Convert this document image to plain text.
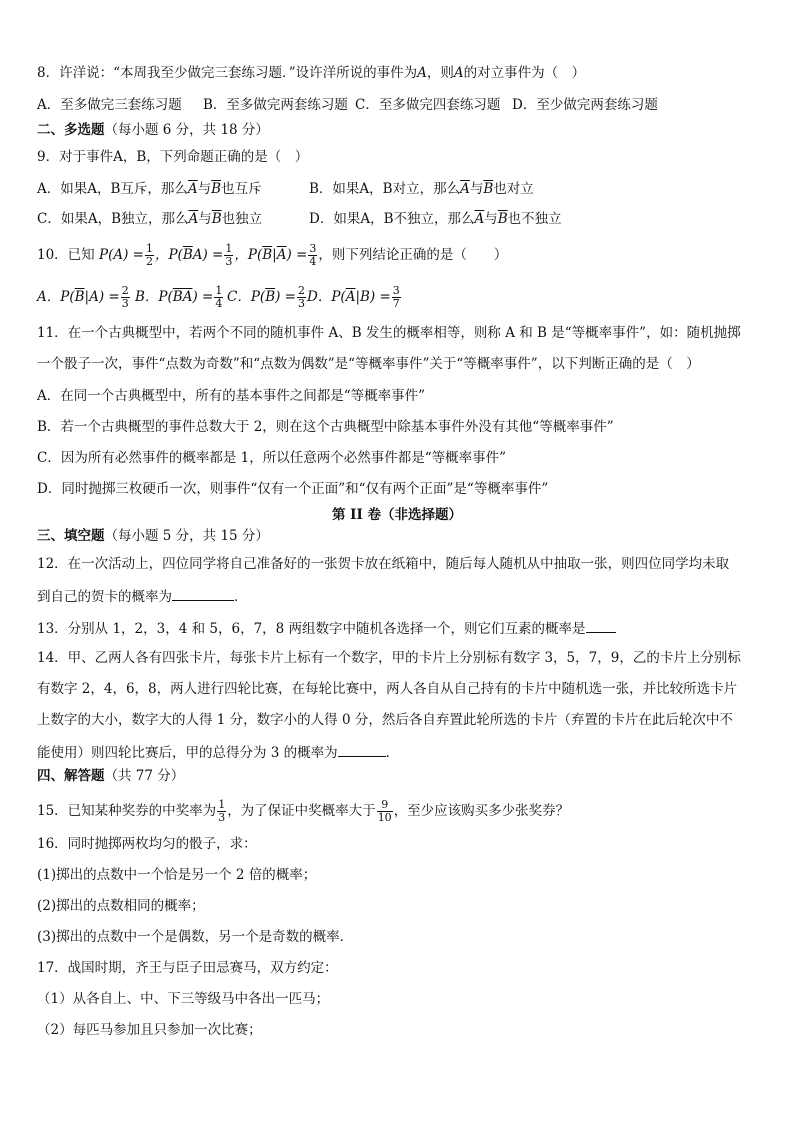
8．许洋说：“本周我至少做完三套练习题．”设许洋所说的事件为A，则A的对立事件为（　）
A．至多做完三套练习题 B．至多做完两套练习题 C．至多做完四套练习题 D．至少做完两套练习题
二、多选题（每小题 6 分，共 18 分）
9．对于事件A，B，下列命题正确的是（　）
A．如果A，B互斥，那么$\overline{A}$与$\overline{B}$也互斥	B．如果A，B对立，那么$\overline{A}$与$\overline{B}$也对立
C．如果A，B独立，那么$\overline{A}$与$\overline{B}$也独立	D．如果A，B不独立，那么$\overline{A}$与$\overline{B}$也不独立
10．已知 $P(A) = \frac{1}{2}$ ，$P(\overline{B}A) = \frac{1}{3}$ ，$P(\overline{B}|\overline{A}) = \frac{3}{4}$ ，则下列结论正确的是（　　）
A．$P(\overline{B}|A) = \frac{2}{3}$ B．$P(\overline{BA}) = \frac{1}{4}$ C．$P(\overline{B}) = \frac{2}{3}$ D．$P(\overline{A}|B) = \frac{3}{7}$
11．在一个古典概型中，若两个不同的随机事件 A、B 发生的概率相等，则称 A 和 B 是“等概率事件”，如：随机抛掷
一个骰子一次，事件“点数为奇数”和“点数为偶数”是“等概率事件”关于“等概率事件”，以下判断正确的是（　）
A．在同一个古典概型中，所有的基本事件之间都是“等概率事件”
B．若一个古典概型的事件总数大于 2，则在这个古典概型中除基本事件外没有其他“等概率事件”
C．因为所有必然事件的概率都是 1，所以任意两个必然事件都是“等概率事件”
D．同时抛掷三枚硬币一次，则事件“仅有一个正面”和“仅有两个正面”是“等概率事件”
第 II 卷（非选择题）
三、填空题（每小题 5 分，共 15 分）
12．在一次活动上，四位同学将自己准备好的一张贺卡放在纸箱中，随后每人随机从中抽取一张，则四位同学均未取
到自己的贺卡的概率为	．
13．分别从 1，2，3，4 和 5，6，7，8 两组数字中随机各选择一个，则它们互素的概率是
14．甲、乙两人各有四张卡片，每张卡片上标有一个数字，甲的卡片上分别标有数字 3，5，7，9，乙的卡片上分别标
有数字 2，4，6，8，两人进行四轮比赛，在每轮比赛中，两人各自从自己持有的卡片中随机选一张，并比较所选卡片
上数字的大小，数字大的人得 1 分，数字小的人得 0 分，然后各自弃置此轮所选的卡片（弃置的卡片在此后轮次中不
能使用）则四轮比赛后，甲的总得分为 3 的概率为	．
四、解答题（共 77 分）
15．已知某种奖券的中奖率为 $\frac{1}{3}$ ，为了保证中奖概率大于 $\frac{9}{10}$ ，至少应该购买多少张奖券？
16．同时抛掷两枚均匀的骰子，求：
(1)掷出的点数中一个恰是另一个 2 倍的概率；
(2)掷出的点数相同的概率；
(3)掷出的点数中一个是偶数，另一个是奇数的概率．
17．战国时期，齐王与臣子田忌赛马，双方约定：
（1）从各自上、中、下三等级马中各出一匹马；
（2）每匹马参加且只参加一次比赛；
